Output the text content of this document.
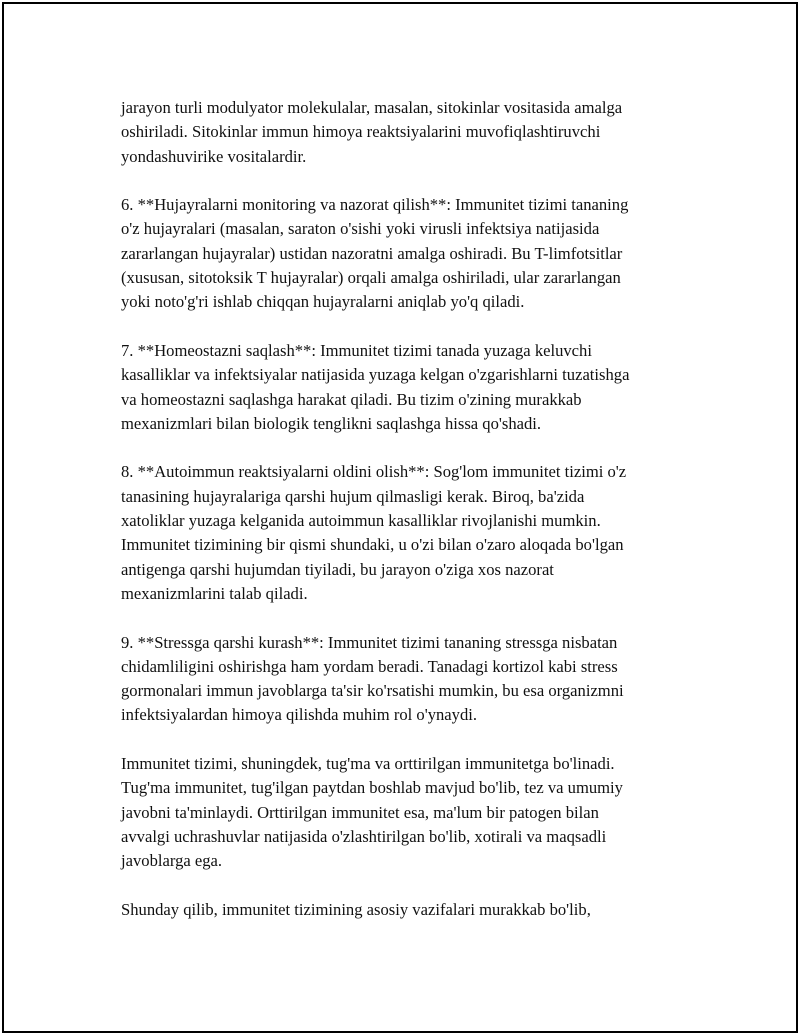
jarayon turli modulyator molekulalar, masalan, sitokinlar vositasida amalga
oshiriladi. Sitokinlar immun himoya reaktsiyalarini muvofiqlashtiruvchi
yondashuvirike vositalardir.

6. **Hujayralarni monitoring va nazorat qilish**: Immunitet tizimi tananing
o'z hujayralari (masalan, saraton o'sishi yoki virusli infektsiya natijasida
zararlangan hujayralar) ustidan nazoratni amalga oshiradi. Bu T-limfotsitlar
(xususan, sitotoksik T hujayralar) orqali amalga oshiriladi, ular zararlangan
yoki noto'g'ri ishlab chiqqan hujayralarni aniqlab yo'q qiladi.

7. **Homeostazni saqlash**: Immunitet tizimi tanada yuzaga keluvchi
kasalliklar va infektsiyalar natijasida yuzaga kelgan o'zgarishlarni tuzatishga
va homeostazni saqlashga harakat qiladi. Bu tizim o'zining murakkab
mexanizmlari bilan biologik tenglikni saqlashga hissa qo'shadi.

8. **Autoimmun reaktsiyalarni oldini olish**: Sog'lom immunitet tizimi o'z
tanasining hujayralariga qarshi hujum qilmasligi kerak. Biroq, ba'zida
xatoliklar yuzaga kelganida autoimmun kasalliklar rivojlanishi mumkin.
Immunitet tizimining bir qismi shundaki, u o'zi bilan o'zaro aloqada bo'lgan
antigenga qarshi hujumdan tiyiladi, bu jarayon o'ziga xos nazorat
mexanizmlarini talab qiladi.

9. **Stressga qarshi kurash**: Immunitet tizimi tananing stressga nisbatan
chidamliligini oshirishga ham yordam beradi. Tanadagi kortizol kabi stress
gormonalari immun javoblarga ta'sir ko'rsatishi mumkin, bu esa organizmni
infektsiyalardan himoya qilishda muhim rol o'ynaydi.

Immunitet tizimi, shuningdek, tug'ma va orttirilgan immunitetga bo'linadi.
Tug'ma immunitet, tug'ilgan paytdan boshlab mavjud bo'lib, tez va umumiy
javobni ta'minlaydi. Orttirilgan immunitet esa, ma'lum bir patogen bilan
avvalgi uchrashuvlar natijasida o'zlashtirilgan bo'lib, xotirali va maqsadli
javoblarga ega.

Shunday qilib, immunitet tizimining asosiy vazifalari murakkab bo'lib,
